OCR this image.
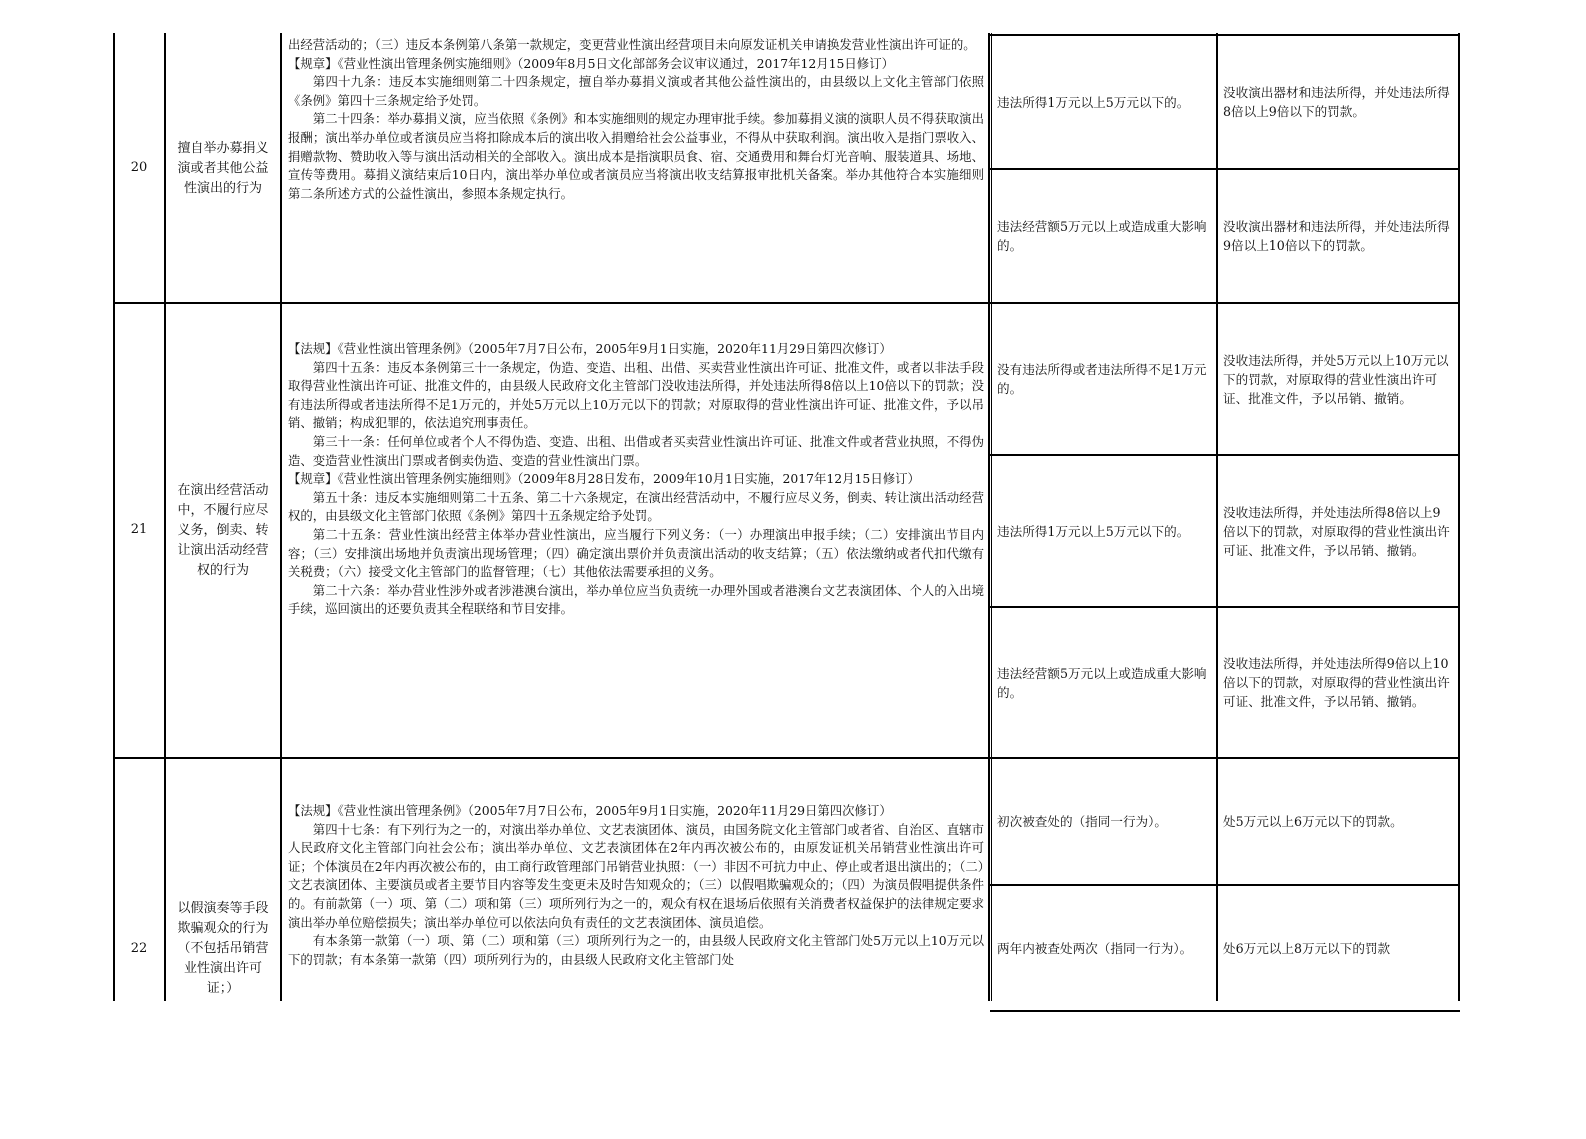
20
擅自举办募捐义演或者其他公益性演出的行为

出经营活动的；（三）违反本条例第八条第一款规定，变更营业性演出经营项目未向原发证机关申请换发营业性演出许可证的。

【规章】《营业性演出管理条例实施细则》（2009年8月5日文化部部务会议审议通过，2017年12月15日修订）

第四十九条：违反本实施细则第二十四条规定，擅自举办募捐义演或者其他公益性演出的，由县级以上文化主管部门依照《条例》第四十三条规定给予处罚。

第二十四条：举办募捐义演，应当依照《条例》和本实施细则的规定办理审批手续。参加募捐义演的演职人员不得获取演出报酬；演出举办单位或者演员应当将扣除成本后的演出收入捐赠给社会公益事业，不得从中获取利润。演出收入是指门票收入、捐赠款物、赞助收入等与演出活动相关的全部收入。演出成本是指演职员食、宿、交通费用和舞台灯光音响、服装道具、场地、宣传等费用。募捐义演结束后10日内，演出举办单位或者演员应当将演出收支结算报审批机关备案。举办其他符合本实施细则第二条所述方式的公益性演出，参照本条规定执行。

违法所得1万元以上5万元以下的。
没收演出器材和违法所得，并处违法所得8倍以上9倍以下的罚款。
违法经营额5万元以上或造成重大影响的。
没收演出器材和违法所得，并处违法所得9倍以上10倍以下的罚款。
21
在演出经营活动中，不履行应尽义务，倒卖、转让演出活动经营权的行为

【法规】《营业性演出管理条例》（2005年7月7日公布，2005年9月1日实施，2020年11月29日第四次修订）

第四十五条：违反本条例第三十一条规定，伪造、变造、出租、出借、买卖营业性演出许可证、批准文件，或者以非法手段取得营业性演出许可证、批准文件的，由县级人民政府文化主管部门没收违法所得，并处违法所得8倍以上10倍以下的罚款；没有违法所得或者违法所得不足1万元的，并处5万元以上10万元以下的罚款；对原取得的营业性演出许可证、批准文件，予以吊销、撤销；构成犯罪的，依法追究刑事责任。

第三十一条：任何单位或者个人不得伪造、变造、出租、出借或者买卖营业性演出许可证、批准文件或者营业执照，不得伪造、变造营业性演出门票或者倒卖伪造、变造的营业性演出门票。

【规章】《营业性演出管理条例实施细则》（2009年8月28日发布，2009年10月1日实施，2017年12月15日修订）

第五十条：违反本实施细则第二十五条、第二十六条规定，在演出经营活动中，不履行应尽义务，倒卖、转让演出活动经营权的，由县级文化主管部门依照《条例》第四十五条规定给予处罚。

第二十五条：营业性演出经营主体举办营业性演出，应当履行下列义务：（一）办理演出申报手续；（二）安排演出节目内容；（三）安排演出场地并负责演出现场管理；（四）确定演出票价并负责演出活动的收支结算；（五）依法缴纳或者代扣代缴有关税费；（六）接受文化主管部门的监督管理；（七）其他依法需要承担的义务。

第二十六条：举办营业性涉外或者涉港澳台演出，举办单位应当负责统一办理外国或者港澳台文艺表演团体、个人的入出境手续，巡回演出的还要负责其全程联络和节目安排。

没有违法所得或者违法所得不足1万元的。
没收违法所得，并处5万元以上10万元以下的罚款，对原取得的营业性演出许可证、批准文件，予以吊销、撤销。
违法所得1万元以上5万元以下的。
没收违法所得，并处违法所得8倍以上9倍以下的罚款，对原取得的营业性演出许可证、批准文件，予以吊销、撤销。
违法经营额5万元以上或造成重大影响的。
没收违法所得，并处违法所得9倍以上10倍以下的罚款，对原取得的营业性演出许可证、批准文件，予以吊销、撤销。
22
以假演奏等手段欺骗观众的行为（不包括吊销营业性演出许可证；）

【法规】《营业性演出管理条例》（2005年7月7日公布，2005年9月1日实施，2020年11月29日第四次修订）

第四十七条：有下列行为之一的，对演出举办单位、文艺表演团体、演员，由国务院文化主管部门或者省、自治区、直辖市人民政府文化主管部门向社会公布；演出举办单位、文艺表演团体在2年内再次被公布的，由原发证机关吊销营业性演出许可证；个体演员在2年内再次被公布的，由工商行政管理部门吊销营业执照：（一）非因不可抗力中止、停止或者退出演出的；（二）文艺表演团体、主要演员或者主要节目内容等发生变更未及时告知观众的；（三）以假唱欺骗观众的；（四）为演员假唱提供条件的。有前款第（一）项、第（二）项和第（三）项所列行为之一的，观众有权在退场后依照有关消费者权益保护的法律规定要求演出举办单位赔偿损失；演出举办单位可以依法向负有责任的文艺表演团体、演员追偿。

有本条第一款第（一）项、第（二）项和第（三）项所列行为之一的，由县级人民政府文化主管部门处5万元以上10万元以下的罚款；有本条第一款第（四）项所列行为的，由县级人民政府文化主管部门处

初次被查处的（指同一行为）。	处5万元以上6万元以下的罚款。
两年内被查处两次（指同一行为）。 处6万元以上8万元以下的罚款
